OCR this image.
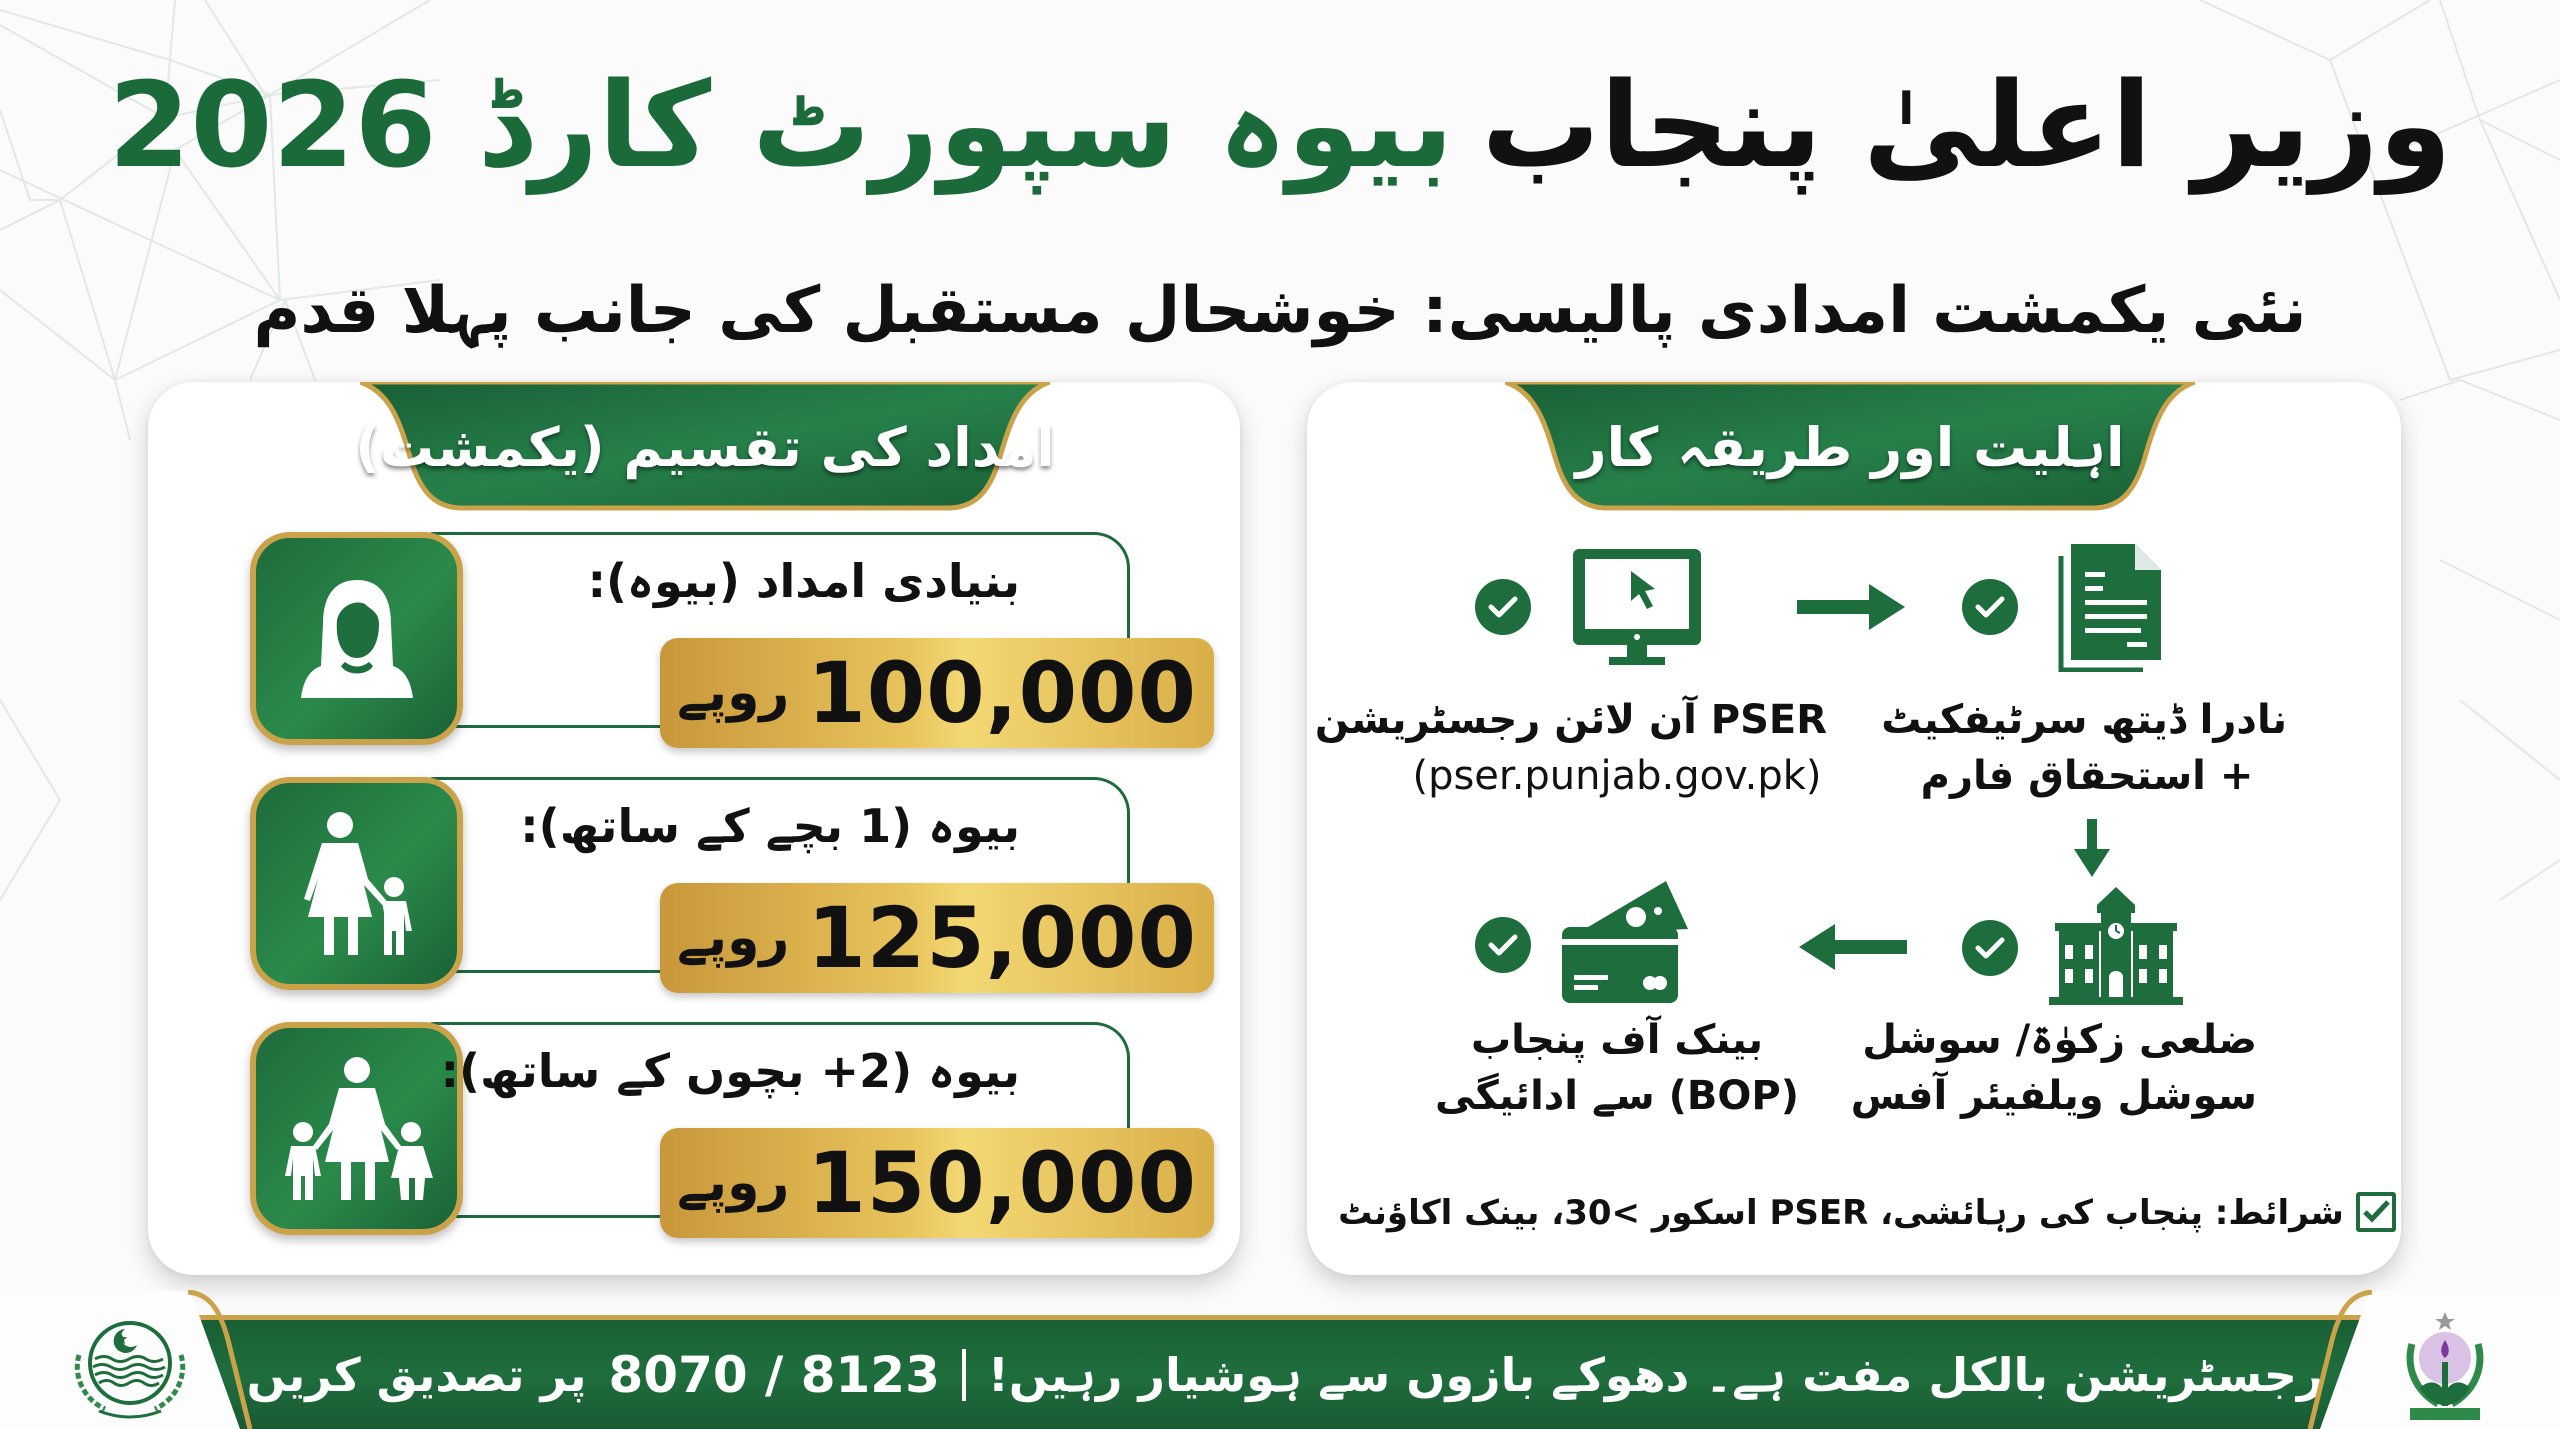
وزیر اعلیٰ پنجاب
بیوہ سپورٹ کارڈ 2026
نئی یکمشت امدادی پالیسی: خوشحال مستقبل کی جانب پہلا قدم
امداد کی تقسیم (یکمشت)
بنیادی امداد (بیوہ):
100,000
روپے
بیوہ (1 بچے کے ساتھ):
125,000
روپے
بیوہ (2+ بچوں کے ساتھ):
150,000
روپے
اہلیت اور طریقہ کار
PSER آن لائن رجسٹریشن
(pser.punjab.gov.pk)
نادرا ڈیتھ سرٹیفکیٹ
+ استحقاق فارم
ضلعی زکوٰۃ/ سوشل
سوشل ویلفیئر آفس
بینک آف پنجاب
(BOP) سے ادائیگی
شرائط: پنجاب کی رہائشی، PSER اسکور >30، بینک اکاؤنٹ
رجسٹریشن بالکل مفت ہے۔ دھوکے بازوں سے ہوشیار رہیں!
8070 / 8123
پر تصدیق کریں
